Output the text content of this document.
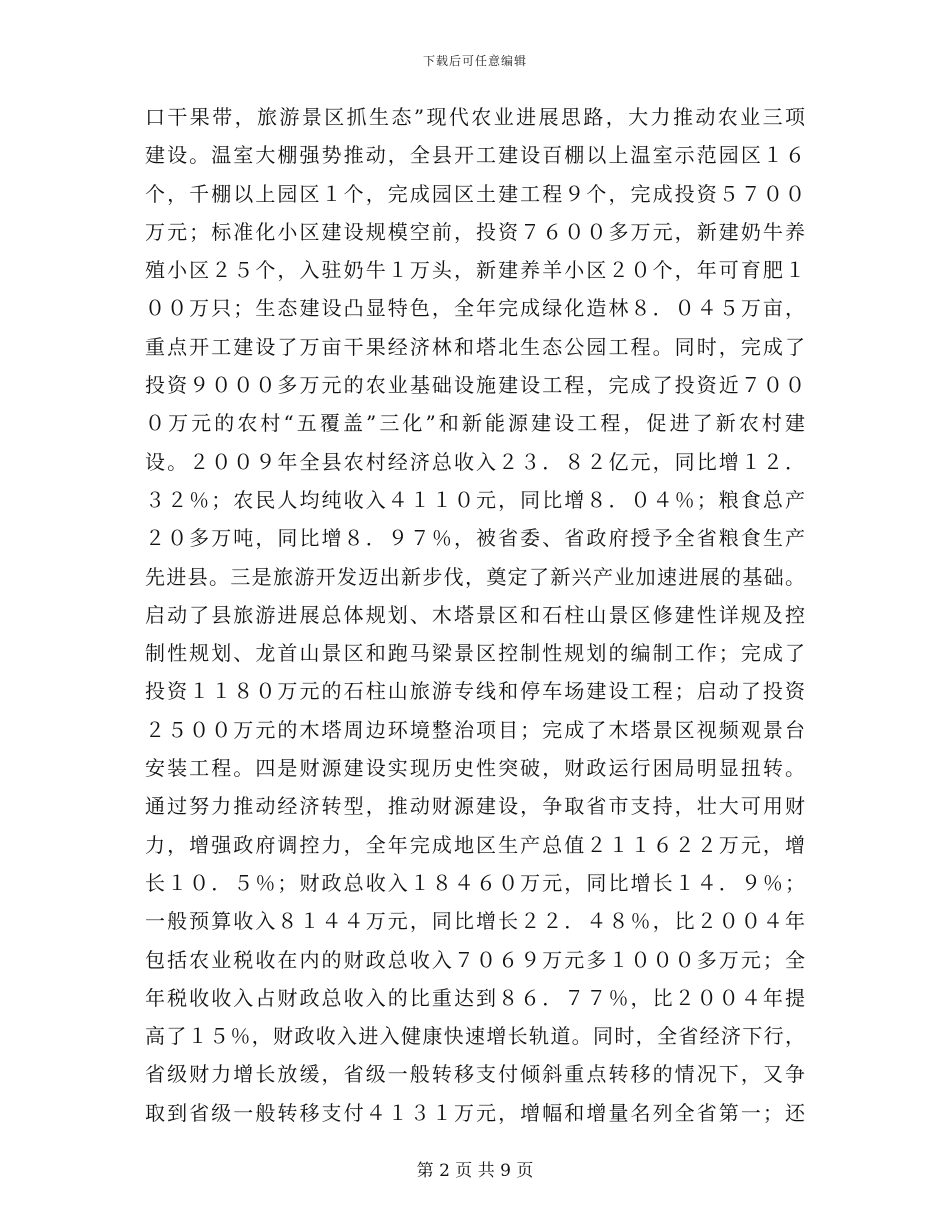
下载后可任意编辑
口干果带，旅游景区抓生态”现代农业进展思路，大力推动农业三项
建设。温室大棚强势推动，全县开工建设百棚以上温室示范园区１６
个，千棚以上园区１个，完成园区土建工程９个，完成投资５７００
万元；标准化小区建设规模空前，投资７６００多万元，新建奶牛养
殖小区２５个，入驻奶牛１万头，新建养羊小区２０个，年可育肥１
００万只；生态建设凸显特色，全年完成绿化造林８．０４５万亩，
重点开工建设了万亩干果经济林和塔北生态公园工程。同时，完成了
投资９０００多万元的农业基础设施建设工程，完成了投资近７００
０万元的农村“五覆盖”三化”和新能源建设工程，促进了新农村建
设。２００９年全县农村经济总收入２３．８２亿元，同比增１２．
３２％；农民人均纯收入４１１０元，同比增８．０４％；粮食总产
２０多万吨，同比增８．９７％，被省委、省政府授予全省粮食生产
先进县。三是旅游开发迈出新步伐，奠定了新兴产业加速进展的基础。
启动了县旅游进展总体规划、木塔景区和石柱山景区修建性详规及控
制性规划、龙首山景区和跑马梁景区控制性规划的编制工作；完成了
投资１１８０万元的石柱山旅游专线和停车场建设工程；启动了投资
２５００万元的木塔周边环境整治项目；完成了木塔景区视频观景台
安装工程。四是财源建设实现历史性突破，财政运行困局明显扭转。
通过努力推动经济转型，推动财源建设，争取省市支持，壮大可用财
力，增强政府调控力，全年完成地区生产总值２１１６２２万元，增
长１０．５％；财政总收入１８４６０万元，同比增长１４．９％；
一般预算收入８１４４万元，同比增长２２．４８％，比２００４年
包括农业税收在内的财政总收入７０６９万元多１０００多万元；全
年税收收入占财政总收入的比重达到８６．７７％，比２００４年提
高了１５％，财政收入进入健康快速增长轨道。同时，全省经济下行，
省级财力增长放缓，省级一般转移支付倾斜重点转移的情况下，又争
取到省级一般转移支付４１３１万元，增幅和增量名列全省第一；还
第 2 页 共 9 页
